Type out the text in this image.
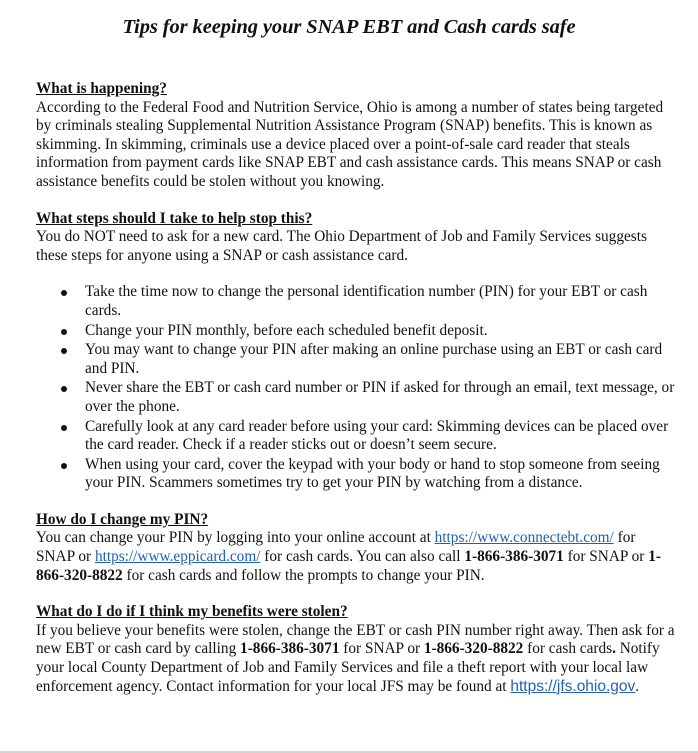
Tips for keeping your SNAP EBT and Cash cards safe

What is happening?

According to the Federal Food and Nutrition Service, Ohio is among a number of states being targeted by criminals stealing Supplemental Nutrition Assistance Program (SNAP) benefits. This is known as skimming. In skimming, criminals use a device placed over a point-of-sale card reader that steals information from payment cards like SNAP EBT and cash assistance cards. This means SNAP or cash assistance benefits could be stolen without you knowing.

What steps should I take to help stop this?

You do NOT need to ask for a new card. The Ohio Department of Job and Family Services suggests these steps for anyone using a SNAP or cash assistance card.

Take the time now to change the personal identification number (PIN) for your EBT or cash cards.
Change your PIN monthly, before each scheduled benefit deposit.
You may want to change your PIN after making an online purchase using an EBT or cash card and PIN.
Never share the EBT or cash card number or PIN if asked for through an email, text message, or over the phone.
Carefully look at any card reader before using your card: Skimming devices can be placed over the card reader. Check if a reader sticks out or doesn’t seem secure.
When using your card, cover the keypad with your body or hand to stop someone from seeing your PIN. Scammers sometimes try to get your PIN by watching from a distance.

How do I change my PIN?

You can change your PIN by logging into your online account at https://www.connectebt.com/ for SNAP or https://www.eppicard.com/ for cash cards. You can also call 1-866-386-3071 for SNAP or 1-866-320-8822 for cash cards and follow the prompts to change your PIN.

What do I do if I think my benefits were stolen?

If you believe your benefits were stolen, change the EBT or cash PIN number right away. Then ask for a new EBT or cash card by calling 1-866-386-3071 for SNAP or 1-866-320-8822 for cash cards. Notify your local County Department of Job and Family Services and file a theft report with your local law enforcement agency. Contact information for your local JFS may be found at https://jfs.ohio.gov.
